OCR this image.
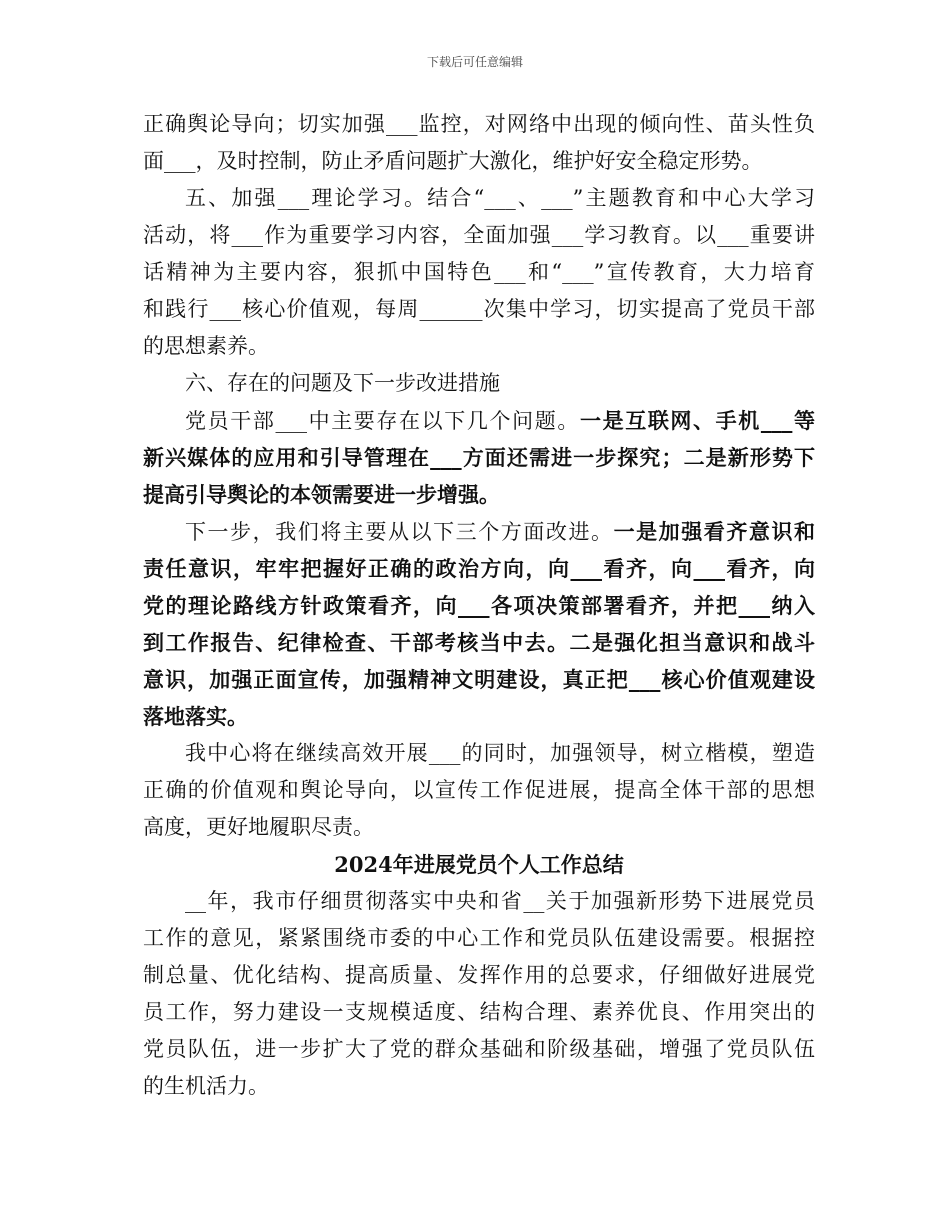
下载后可任意编辑
正确舆论导向；切实加强___监控，对网络中出现的倾向性、苗头性负
面___，及时控制，防止矛盾问题扩大激化，维护好安全稳定形势。
五、加强___理论学习。结合“___、___”主题教育和中心大学习
活动，将___作为重要学习内容，全面加强___学习教育。以___重要讲
话精神为主要内容，狠抓中国特色___和“___”宣传教育，大力培育
和践行___核心价值观，每周______次集中学习，切实提高了党员干部
的思想素养。
六、存在的问题及下一步改进措施
党员干部___中主要存在以下几个问题。一是互联网、手机___等
新兴媒体的应用和引导管理在___方面还需进一步探究；二是新形势下
提高引导舆论的本领需要进一步增强。
下一步，我们将主要从以下三个方面改进。一是加强看齐意识和
责任意识，牢牢把握好正确的政治方向，向___看齐，向___看齐，向
党的理论路线方针政策看齐，向___各项决策部署看齐，并把___纳入
到工作报告、纪律检查、干部考核当中去。二是强化担当意识和战斗
意识，加强正面宣传，加强精神文明建设，真正把___核心价值观建设
落地落实。
我中心将在继续高效开展___的同时，加强领导，树立楷模，塑造
正确的价值观和舆论导向，以宣传工作促进展，提高全体干部的思想
高度，更好地履职尽责。
2024年进展党员个人工作总结
__年，我市仔细贯彻落实中央和省__关于加强新形势下进展党员
工作的意见，紧紧围绕市委的中心工作和党员队伍建设需要。根据控
制总量、优化结构、提高质量、发挥作用的总要求，仔细做好进展党
员工作，努力建设一支规模适度、结构合理、素养优良、作用突出的
党员队伍，进一步扩大了党的群众基础和阶级基础，增强了党员队伍
的生机活力。
